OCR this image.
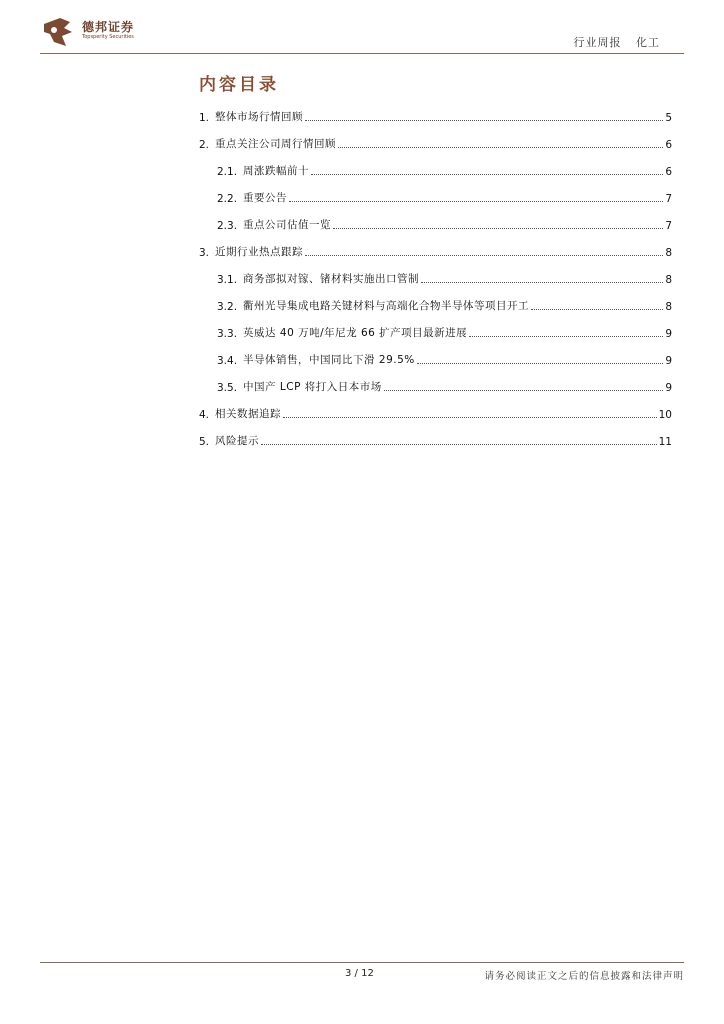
德邦证券
Topsperity Securities	行业周报 化工
内容目录
1. 整体市场行情回顾	5
2. 重点关注公司周行情回顾	6
2.1. 周涨跌幅前十	6
2.2. 重要公告	7
2.3. 重点公司估值一览	7
3. 近期行业热点跟踪	8
3.1. 商务部拟对镓、锗材料实施出口管制	8
3.2. 衢州光导集成电路关键材料与高端化合物半导体等项目开工	8
3.3. 英威达 40 万吨/年尼龙 66 扩产项目最新进展	9
3.4. 半导体销售，中国同比下滑 29.5%	9
3.5. 中国产 LCP 将打入日本市场	9
4. 相关数据追踪	10
5. 风险提示	11
3 / 12	请务必阅读正文之后的信息披露和法律声明
